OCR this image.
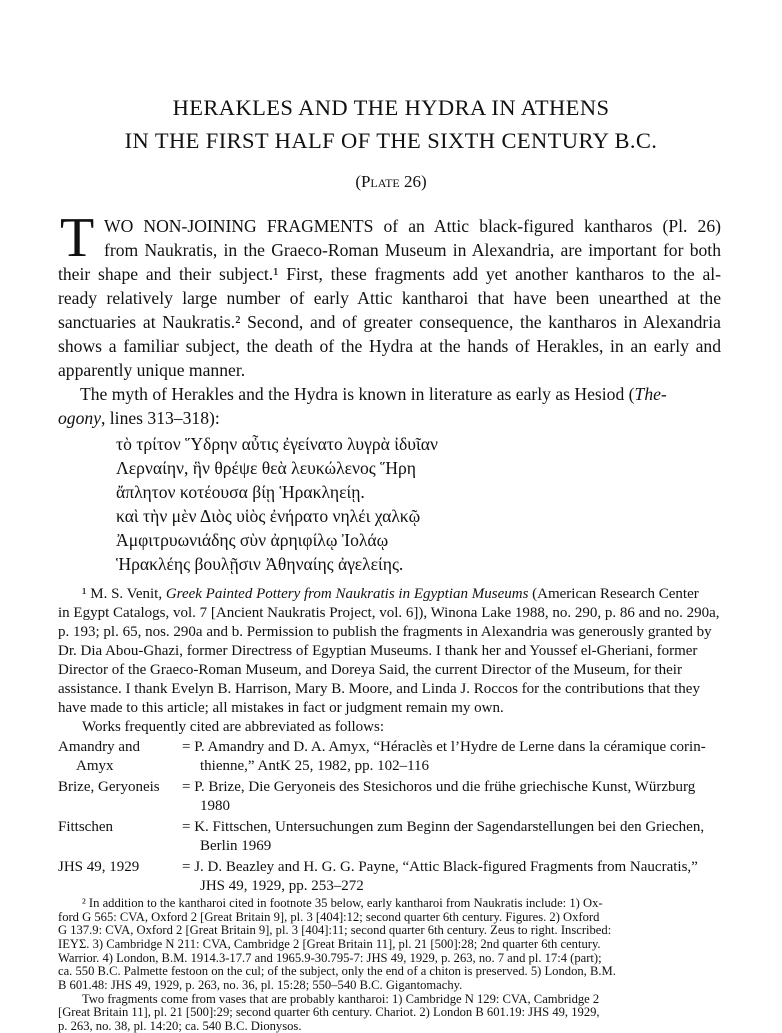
HERAKLES AND THE HYDRA IN ATHENS
IN THE FIRST HALF OF THE SIXTH CENTURY B.C.
(Plate 26)
T WO NON-JOINING FRAGMENTS of an Attic black-figured kantharos (Pl. 26)
from Naukratis, in the Graeco-Roman Museum in Alexandria, are important for both
their shape and their subject.¹ First, these fragments add yet another kantharos to the al-
ready relatively large number of early Attic kantharoi that have been unearthed at the
sanctuaries at Naukratis.² Second, and of greater consequence, the kantharos in Alexandria
shows a familiar subject, the death of the Hydra at the hands of Herakles, in an early and
apparently unique manner.
The myth of Herakles and the Hydra is known in literature as early as Hesiod (The-
ogony, lines 313–318):
τὸ τρίτον Ὕδρην αὖτις ἐγείνατο λυγρὰ ἰδυῖαν
Λερναίην, ἣν θρέψε θεὰ λευκώλενος Ἥρη
ἄπλητον κοτέουσα βίῃ Ἡρακληείῃ.
καὶ τὴν μὲν Διὸς υἱὸς ἐνήρατο νηλέι χαλκῷ
Ἀμφιτρυωνιάδης σὺν ἀρηιφίλῳ Ἰολάῳ
Ἡρακλέης βουλῇσιν Ἀθηναίης ἀγελείης.
¹ M. S. Venit, Greek Painted Pottery from Naukratis in Egyptian Museums (American Research Center
in Egypt Catalogs, vol. 7 [Ancient Naukratis Project, vol. 6]), Winona Lake 1988, no. 290, p. 86 and no. 290a,
p. 193; pl. 65, nos. 290a and b. Permission to publish the fragments in Alexandria was generously granted by
Dr. Dia Abou-Ghazi, former Directress of Egyptian Museums. I thank her and Youssef el-Gheriani, former
Director of the Graeco-Roman Museum, and Doreya Said, the current Director of the Museum, for their
assistance. I thank Evelyn B. Harrison, Mary B. Moore, and Linda J. Roccos for the contributions that they
have made to this article; all mistakes in fact or judgment remain my own.
Works frequently cited are abbreviated as follows:
Amandry and
Amyx
= P. Amandry and D. A. Amyx, “Héraclès et l’Hydre de Lerne dans la céramique corin-
thienne,” AntK 25, 1982, pp. 102–116
Brize, Geryoneis = P. Brize, Die Geryoneis des Stesichoros und die frühe griechische Kunst, Würzburg
1980
Fittschen	= K. Fittschen, Untersuchungen zum Beginn der Sagendarstellungen bei den Griechen,
Berlin 1969
JHS 49, 1929	= J. D. Beazley and H. G. G. Payne, “Attic Black-figured Fragments from Naucratis,”
JHS 49, 1929, pp. 253–272
² In addition to the kantharoi cited in footnote 35 below, early kantharoi from Naukratis include: 1) Ox-
ford G 565: CVA, Oxford 2 [Great Britain 9], pl. 3 [404]:12; second quarter 6th century. Figures. 2) Oxford
G 137.9: CVA, Oxford 2 [Great Britain 9], pl. 3 [404]:11; second quarter 6th century. Zeus to right. Inscribed:
ΙΕΥΣ. 3) Cambridge N 211: CVA, Cambridge 2 [Great Britain 11], pl. 21 [500]:28; 2nd quarter 6th century.
Warrior. 4) London, B.M. 1914.3-17.7 and 1965.9-30.795-7: JHS 49, 1929, p. 263, no. 7 and pl. 17:4 (part);
ca. 550 B.C. Palmette festoon on the cul; of the subject, only the end of a chiton is preserved. 5) London, B.M.
B 601.48: JHS 49, 1929, p. 263, no. 36, pl. 15:28; 550–540 B.C. Gigantomachy.
Two fragments come from vases that are probably kantharoi: 1) Cambridge N 129: CVA, Cambridge 2
[Great Britain 11], pl. 21 [500]:29; second quarter 6th century. Chariot. 2) London B 601.19: JHS 49, 1929,
p. 263, no. 38, pl. 14:20; ca. 540 B.C. Dionysos.
